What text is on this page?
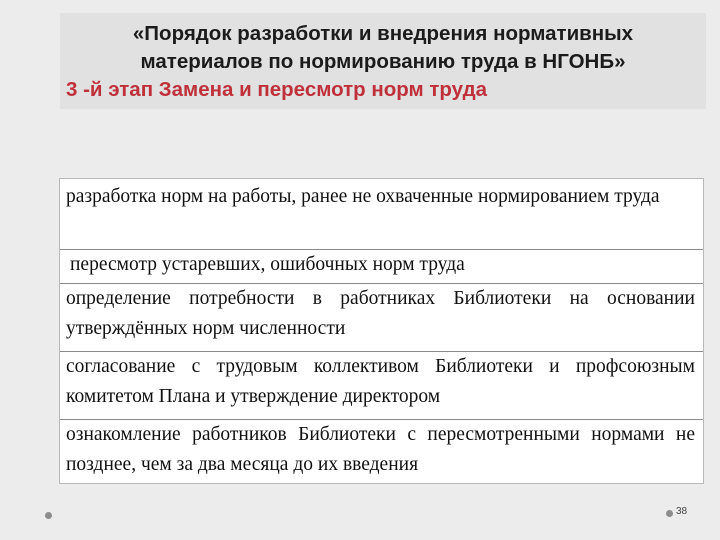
«Порядок разработки и внедрения нормативных
материалов по нормированию труда в НГОНБ»
3 -й этап Замена и пересмотр норм труда
разработка норм на работы, ранее не охваченные нормированием труда
пересмотр устаревших, ошибочных норм труда
определение потребности в работниках Библиотеки на основании утверждённых норм численности
согласование с трудовым коллективом Библиотеки и профсоюзным комитетом Плана и утверждение директором
ознакомление работников Библиотеки с пересмотренными нормами не позднее, чем за два месяца до их введения
38
